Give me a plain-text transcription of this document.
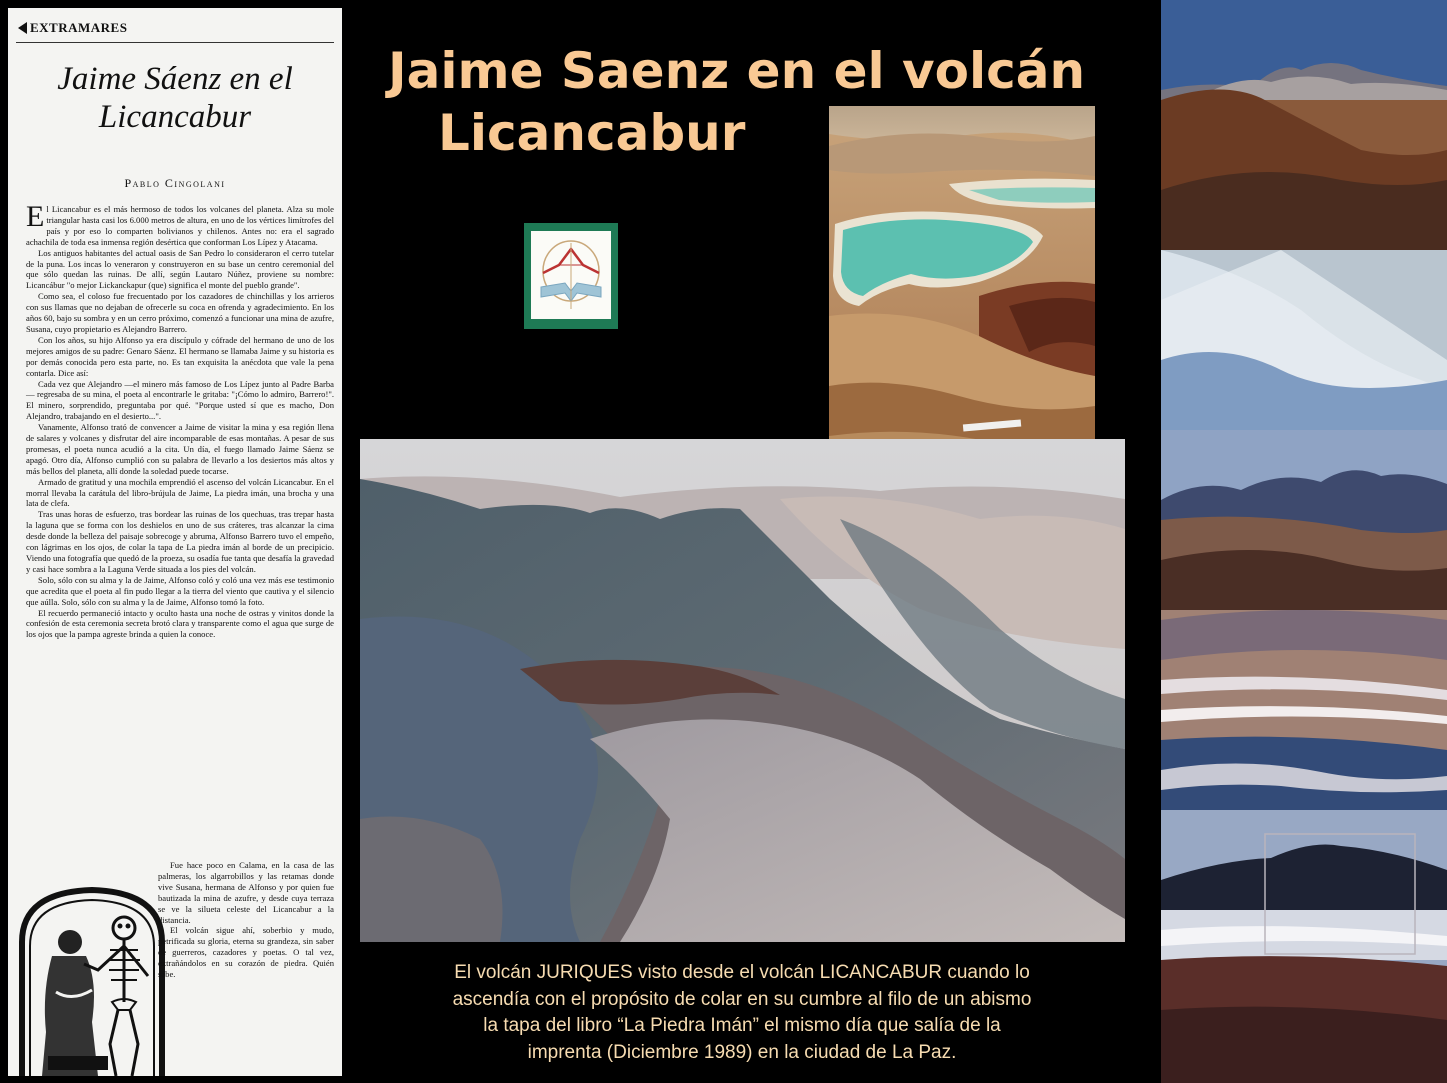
EXTRAMARES
Jaime Sáenz en el
Licancabur
Pablo Cingolani

El Licancabur es el más hermoso de todos los volcanes del planeta. Alza su mole triangular hasta casi los 6.000 metros de altura, en uno de los vértices limítrofes del país y por eso lo comparten bolivianos y chilenos. Antes no: era el sagrado achachila de toda esa inmensa región desértica que conforman Los Lípez y Atacama.

Los antiguos habitantes del actual oasis de San Pedro lo consideraron el cerro tutelar de la puna. Los incas lo veneraron y construyeron en su base un centro ceremonial del que sólo quedan las ruinas. De allí, según Lautaro Núñez, proviene su nombre: Licancábur "o mejor Lickanckapur (que) significa el monte del pueblo grande".

Como sea, el coloso fue frecuentado por los cazadores de chinchillas y los arrieros con sus llamas que no dejaban de ofrecerle su coca en ofrenda y agradecimiento. En los años 60, bajo su sombra y en un cerro próximo, comenzó a funcionar una mina de azufre, Susana, cuyo propietario es Alejandro Barrero.

Con los años, su hijo Alfonso ya era discípulo y cófrade del hermano de uno de los mejores amigos de su padre: Genaro Sáenz. El hermano se llamaba Jaime y su historia es por demás conocida pero esta parte, no. Es tan exquisita la anécdota que vale la pena contarla. Dice así:

Cada vez que Alejandro —el minero más famoso de Los Lípez junto al Padre Barba— regresaba de su mina, el poeta al encontrarle le gritaba: "¡Cómo lo admiro, Barrero!". El minero, sorprendido, preguntaba por qué. "Porque usted sí que es macho, Don Alejandro, trabajando en el desierto...".

Vanamente, Alfonso trató de convencer a Jaime de visitar la mina y esa región llena de salares y volcanes y disfrutar del aire incomparable de esas montañas. A pesar de sus promesas, el poeta nunca acudió a la cita. Un día, el fuego llamado Jaime Sáenz se apagó. Otro día, Alfonso cumplió con su palabra de llevarlo a los desiertos más altos y más bellos del planeta, allí donde la soledad puede tocarse.

Armado de gratitud y una mochila emprendió el ascenso del volcán Licancabur. En el morral llevaba la carátula del libro-brújula de Jaime, La piedra imán, una brocha y una lata de clefa.

Tras unas horas de esfuerzo, tras bordear las ruinas de los quechuas, tras trepar hasta la laguna que se forma con los deshielos en uno de sus cráteres, tras alcanzar la cima desde donde la belleza del paisaje sobrecoge y abruma, Alfonso Barrero tuvo el empeño, con lágrimas en los ojos, de colar la tapa de La piedra imán al borde de un precipicio. Viendo una fotografía que quedó de la proeza, su osadía fue tanta que desafía la gravedad y casi hace sombra a la Laguna Verde situada a los pies del volcán.

Solo, sólo con su alma y la de Jaime, Alfonso coló y coló una vez más ese testimonio que acredita que el poeta al fin pudo llegar a la tierra del viento que cautiva y el silencio que aúlla. Solo, sólo con su alma y la de Jaime, Alfonso tomó la foto.

El recuerdo permaneció intacto y oculto hasta una noche de ostras y vinitos donde la confesión de esta ceremonia secreta brotó clara y transparente como el agua que surge de los ojos que la pampa agreste brinda a quien la conoce.

Fue hace poco en Calama, en la casa de las palmeras, los algarrobillos y las retamas donde vive Susana, hermana de Alfonso y por quien fue bautizada la mina de azufre, y desde cuya terraza se ve la silueta celeste del Licancabur a la distancia.

El volcán sigue ahí, soberbio y mudo, petrificada su gloria, eterna su grandeza, sin saber de guerreros, cazadores y poetas. O tal vez, extrañándolos en su corazón de piedra. Quién sabe.

Jaime Saenz en el volcán
Licancabur
El volcán JURIQUES visto desde el volcán LICANCABUR cuando lo
ascendía con el propósito de colar en su cumbre al filo de un abismo
la tapa del libro “La Piedra Imán” el mismo día que salía de la
imprenta (Diciembre 1989) en la ciudad de La Paz.
